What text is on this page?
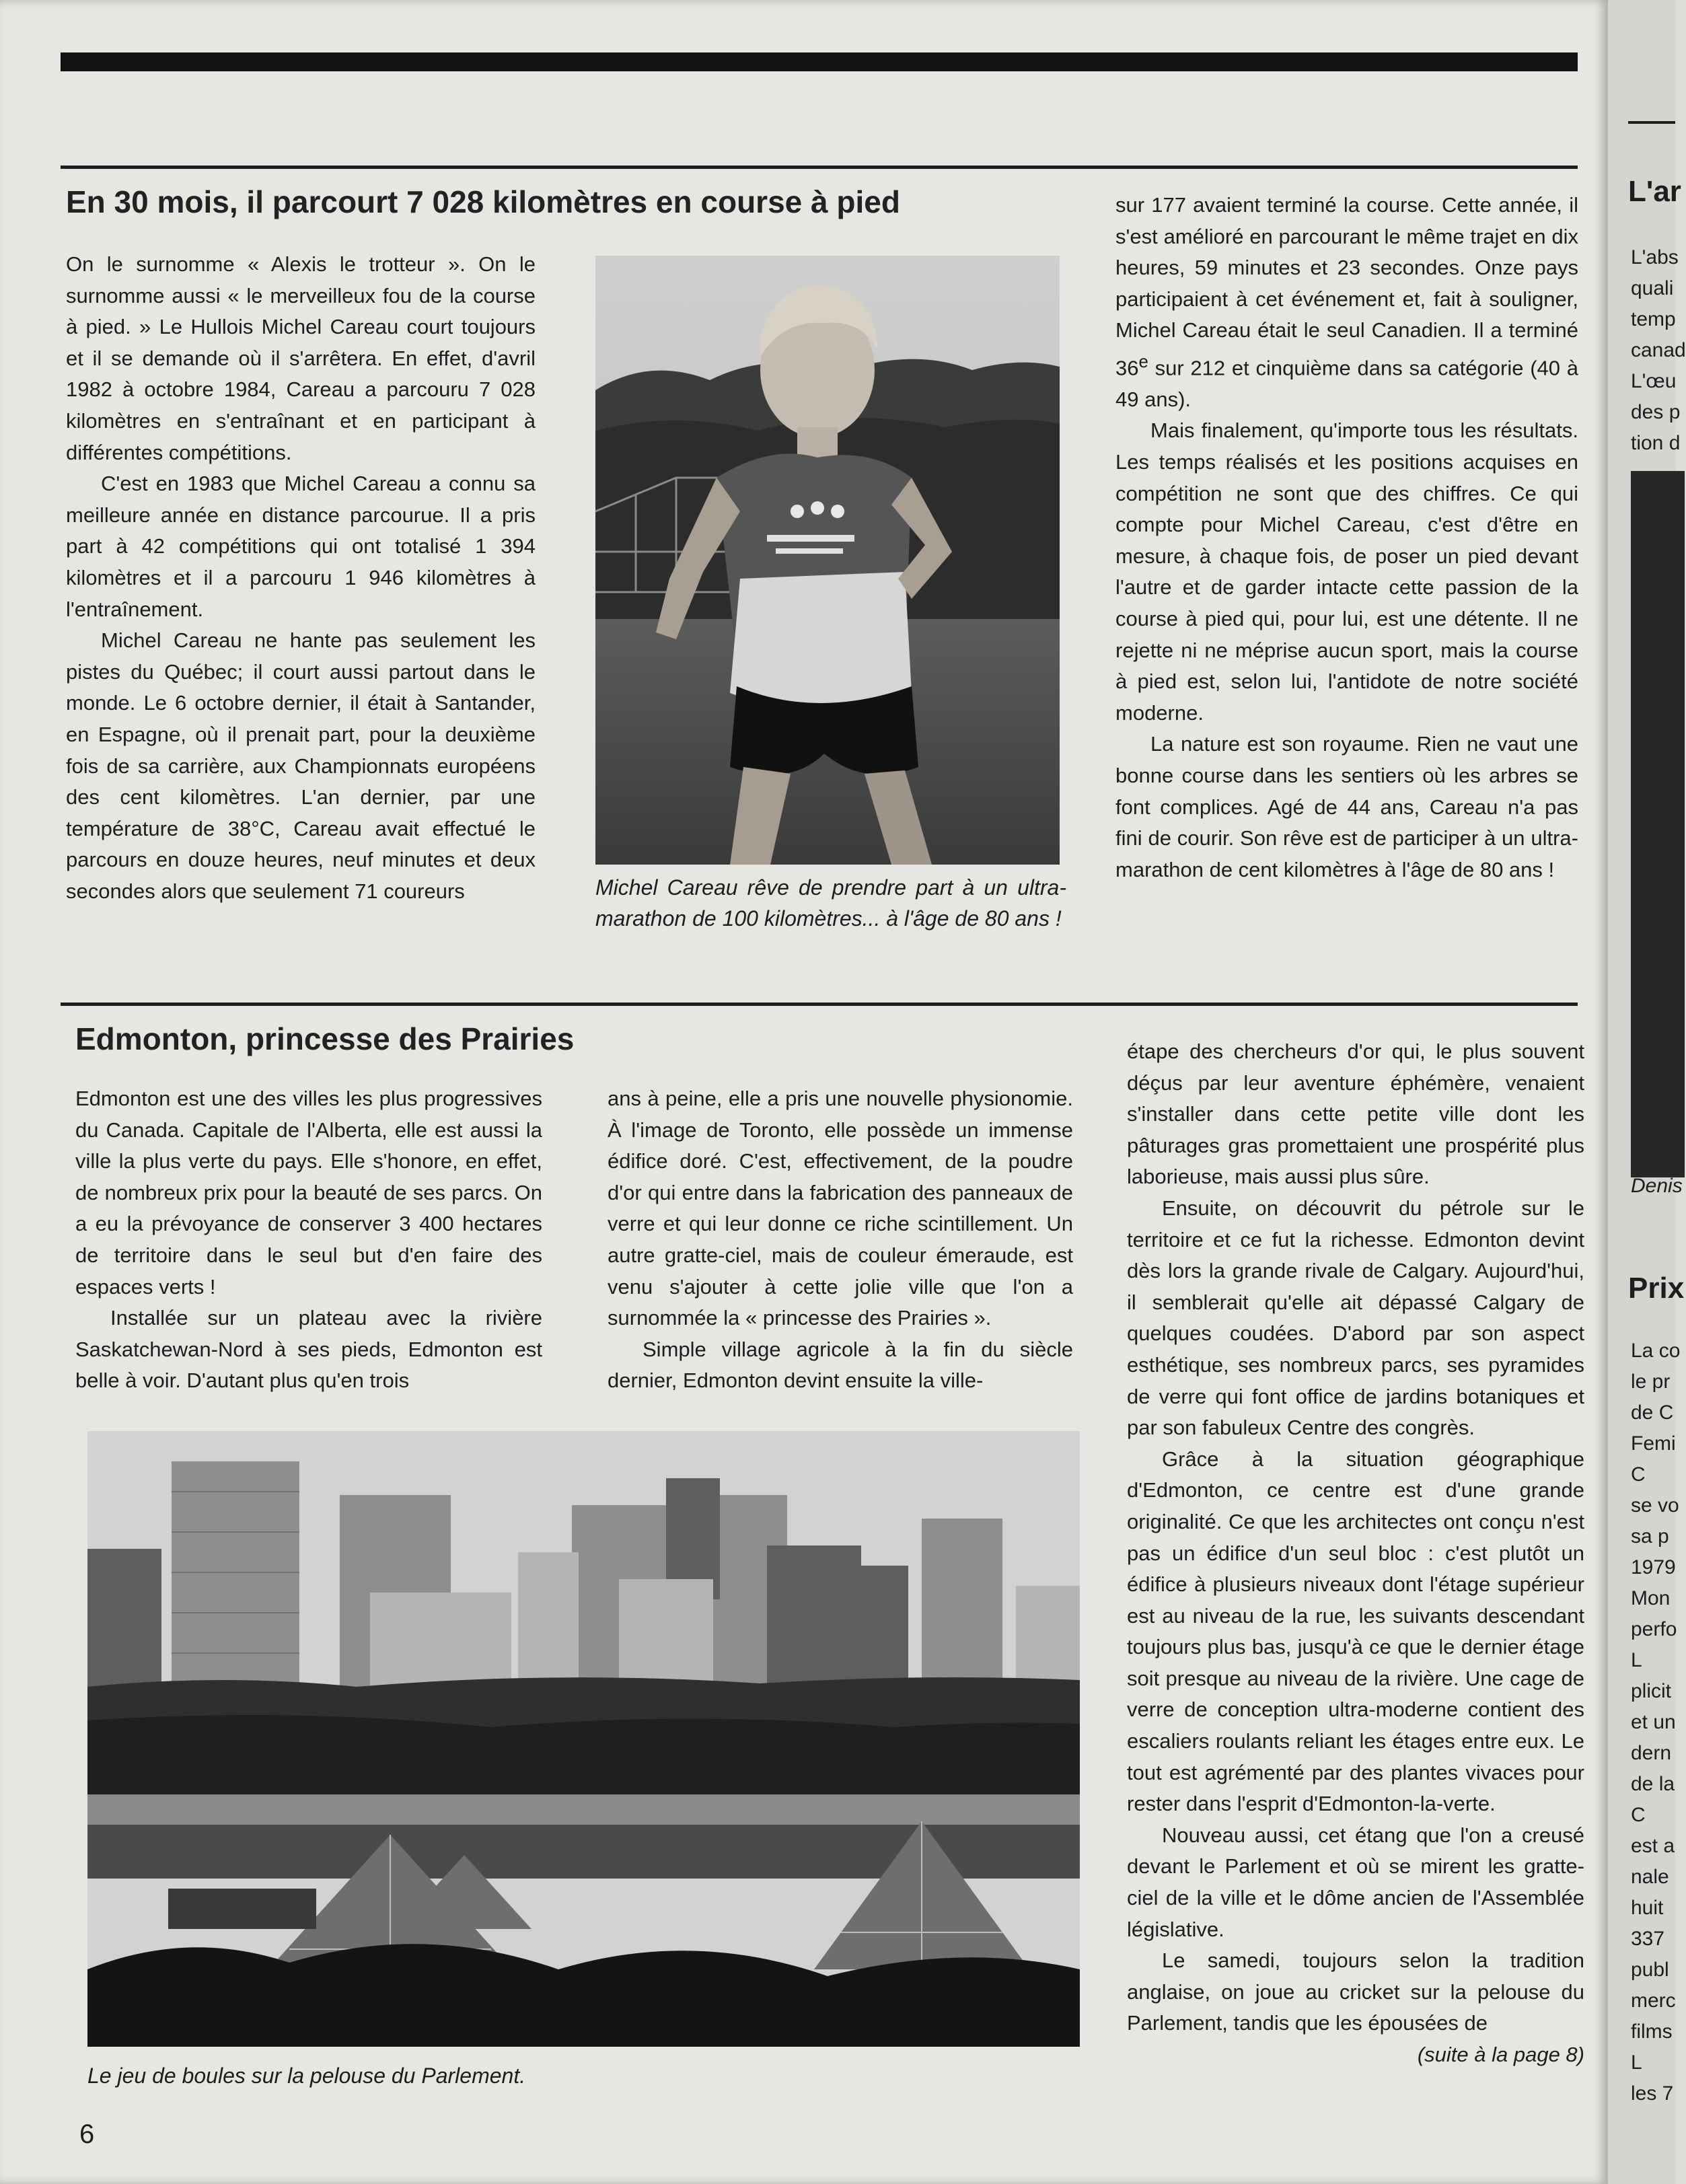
En 30 mois, il parcourt 7 028 kilomètres en course à pied

On le surnomme « Alexis le trotteur ». On le surnomme aussi « le merveilleux fou de la course à pied. » Le Hullois Michel Careau court toujours et il se demande où il s'arrêtera. En effet, d'avril 1982 à octobre 1984, Careau a parcouru 7 028 kilomètres en s'entraînant et en participant à différentes compétitions.

C'est en 1983 que Michel Careau a connu sa meilleure année en distance parcourue. Il a pris part à 42 compétitions qui ont totalisé 1 394 kilomètres et il a parcouru 1 946 kilomètres à l'entraînement.

Michel Careau ne hante pas seulement les pistes du Québec; il court aussi partout dans le monde. Le 6 octobre dernier, il était à Santander, en Espagne, où il prenait part, pour la deuxième fois de sa carrière, aux Championnats européens des cent kilomètres. L'an dernier, par une température de 38°C, Careau avait effectué le parcours en douze heures, neuf minutes et deux secondes alors que seulement 71 coureurs	Michel Careau rêve de prendre part à un ultra-marathon de 100 kilomètres... à l'âge de 80 ans !

sur 177 avaient terminé la course. Cette année, il s'est amélioré en parcourant le même trajet en dix heures, 59 minutes et 23 secondes. Onze pays participaient à cet événement et, fait à souligner, Michel Careau était le seul Canadien. Il a terminé 36e sur 212 et cinquième dans sa catégorie (40 à 49 ans).

Mais finalement, qu'importe tous les résultats. Les temps réalisés et les positions acquises en compétition ne sont que des chiffres. Ce qui compte pour Michel Careau, c'est d'être en mesure, à chaque fois, de poser un pied devant l'autre et de garder intacte cette passion de la course à pied qui, pour lui, est une détente. Il ne rejette ni ne méprise aucun sport, mais la course à pied est, selon lui, l'antidote de notre société moderne.

La nature est son royaume. Rien ne vaut une bonne course dans les sentiers où les arbres se font complices. Agé de 44 ans, Careau n'a pas fini de courir. Son rêve est de participer à un ultra-marathon de cent kilomètres à l'âge de 80 ans !

Edmonton, princesse des Prairies

Edmonton est une des villes les plus progressives du Canada. Capitale de l'Alberta, elle est aussi la ville la plus verte du pays. Elle s'honore, en effet, de nombreux prix pour la beauté de ses parcs. On a eu la prévoyance de conserver 3 400 hectares de territoire dans le seul but d'en faire des espaces verts !

Installée sur un plateau avec la rivière Saskatchewan-Nord à ses pieds, Edmonton est belle à voir. D'autant plus qu'en trois

ans à peine, elle a pris une nouvelle physionomie. À l'image de Toronto, elle possède un immense édifice doré. C'est, effectivement, de la poudre d'or qui entre dans la fabrication des panneaux de verre et qui leur donne ce riche scintillement. Un autre gratte-ciel, mais de couleur émeraude, est venu s'ajouter à cette jolie ville que l'on a surnommée la « princesse des Prairies ».

Simple village agricole à la fin du siècle dernier, Edmonton devint ensuite la ville-

Le jeu de boules sur la pelouse du Parlement.

étape des chercheurs d'or qui, le plus souvent déçus par leur aventure éphémère, venaient s'installer dans cette petite ville dont les pâturages gras promettaient une prospérité plus laborieuse, mais aussi plus sûre.

Ensuite, on découvrit du pétrole sur le territoire et ce fut la richesse. Edmonton devint dès lors la grande rivale de Calgary. Aujourd'hui, il semblerait qu'elle ait dépassé Calgary de quelques coudées. D'abord par son aspect esthétique, ses nombreux parcs, ses pyramides de verre qui font office de jardins botaniques et par son fabuleux Centre des congrès.

Grâce à la situation géographique d'Edmonton, ce centre est d'une grande originalité. Ce que les architectes ont conçu n'est pas un édifice d'un seul bloc : c'est plutôt un édifice à plusieurs niveaux dont l'étage supérieur est au niveau de la rue, les suivants descendant toujours plus bas, jusqu'à ce que le dernier étage soit presque au niveau de la rivière. Une cage de verre de conception ultra-moderne contient des escaliers roulants reliant les étages entre eux. Le tout est agrémenté par des plantes vivaces pour rester dans l'esprit d'Edmonton-la-verte.

Nouveau aussi, cet étang que l'on a creusé devant le Parlement et où se mirent les gratte-ciel de la ville et le dôme ancien de l'Assemblée législative.

Le samedi, toujours selon la tradition anglaise, on joue au cricket sur la pelouse du Parlement, tandis que les épousées de

(suite à la page 8)

6
L'ar
L'abs
quali
temp
canad
L'œu
des p
tion d
Denis
Prix
La co
le pr
de C
Femi
C
se vo
sa p
1979
Mon
perfo
L
plicit
et un
dern
de la
C
est a
nale
huit
337
publ
merc
films
L
les 7
